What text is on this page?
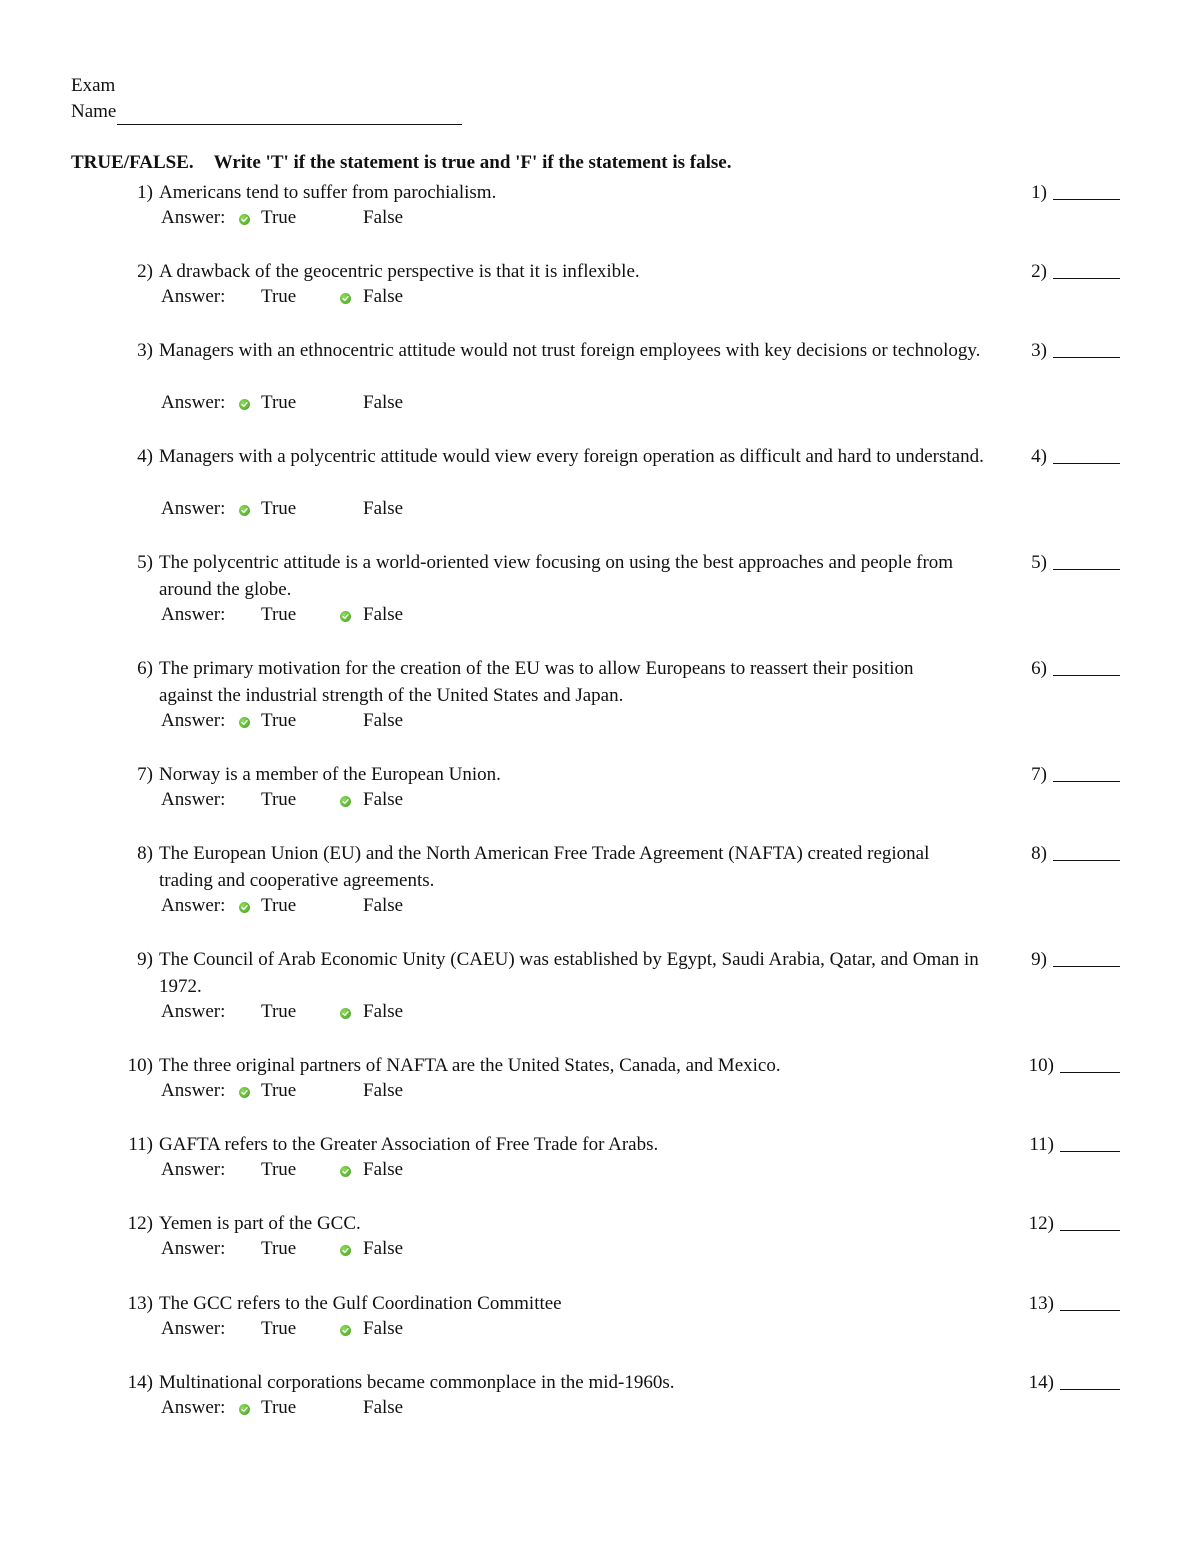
Exam
Name
TRUE/FALSE. Write 'T' if the statement is true and 'F' if the statement is false.
1) Americans tend to suffer from parochialism.	1)
Answer: True	False
2) A drawback of the geocentric perspective is that it is inflexible.	2)
Answer: True	False
3) Managers with an ethnocentric attitude would not trust foreign employees with key decisions or technology.	3)
Answer: True	False
4) Managers with a polycentric attitude would view every foreign operation as difficult and hard to understand. 4)
Answer: True	False
5) The polycentric attitude is a world-oriented view focusing on using the best approaches and people from around the globe.
5)
Answer: True	False
6) The primary motivation for the creation of the EU was to allow Europeans to reassert their position against the industrial strength of the United States and Japan.
6)
Answer: True	False
7) Norway is a member of the European Union.	7)
Answer: True	False
8) The European Union (EU) and the North American Free Trade Agreement (NAFTA) created regional trading and cooperative agreements.
8)
Answer: True	False
9) The Council of Arab Economic Unity (CAEU) was established by Egypt, Saudi Arabia, Qatar, and Oman in 1972.
9)
Answer: True	False
10) The three original partners of NAFTA are the United States, Canada, and Mexico.	10)
Answer: True	False
11) GAFTA refers to the Greater Association of Free Trade for Arabs.	11)
Answer: True	False
12) Yemen is part of the GCC.	12)
Answer: True	False
13) The GCC refers to the Gulf Coordination Committee	13)
Answer: True	False
14) Multinational corporations became commonplace in the mid-1960s.	14)
Answer: True	False
